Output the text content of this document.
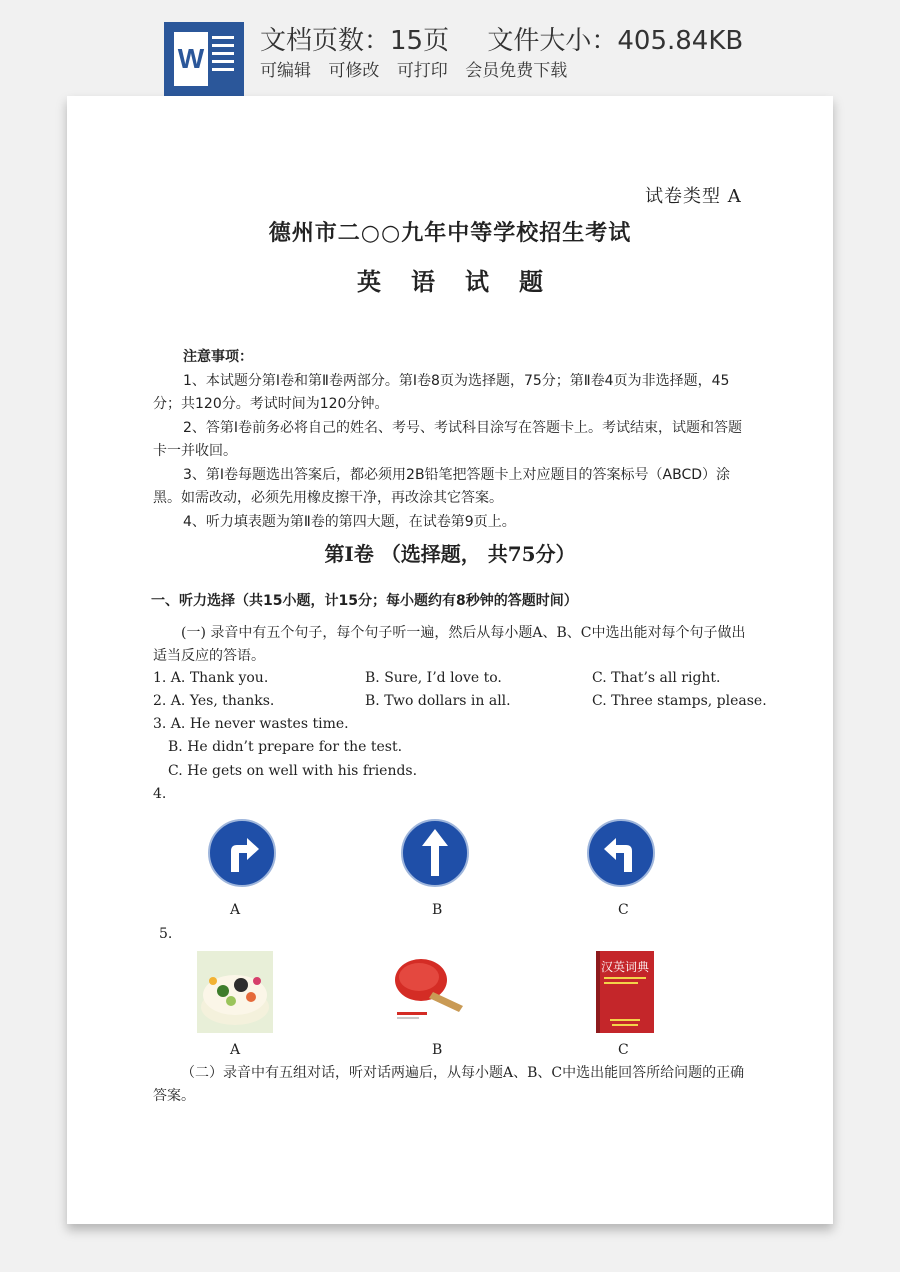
W
文档页数：15页 文件大小：405.84KB
可编辑 可修改 可打印 会员免费下载
试卷类型 A
德州市二○○九年中等学校招生考试
英语试题
注意事项：

1、本试题分第Ⅰ卷和第Ⅱ卷两部分。第Ⅰ卷8页为选择题，75分；第Ⅱ卷4页为非选择题，45分；共120分。考试时间为120分钟。

2、答第Ⅰ卷前务必将自己的姓名、考号、考试科目涂写在答题卡上。考试结束，试题和答题卡一并收回。

3、第Ⅰ卷每题选出答案后，都必须用2B铅笔把答题卡上对应题目的答案标号（ABCD）涂黑。如需改动，必须先用橡皮擦干净，再改涂其它答案。

4、听力填表题为第Ⅱ卷的第四大题，在试卷第9页上。

第Ⅰ卷 （选择题， 共75分）
一、听力选择（共15小题，计15分；每小题约有8秒钟的答题时间）
(一) 录音中有五个句子，每个句子听一遍，然后从每小题A、B、C中选出能对每个句子做出适当反应的答语。
1. A. Thank you.	B. Sure, I’d love to.	C. That’s all right.
2. A. Yes, thanks.	B. Two dollars in all.	C. Three stamps, please.
3. A. He never wastes time.
B. He didn’t prepare for the test.
C. He gets on well with his friends.
4.
A	B	C
5.
汉英词典
A	B	C
（二）录音中有五组对话，听对话两遍后，从每小题A、B、C中选出能回答所给问题的正确答案。
